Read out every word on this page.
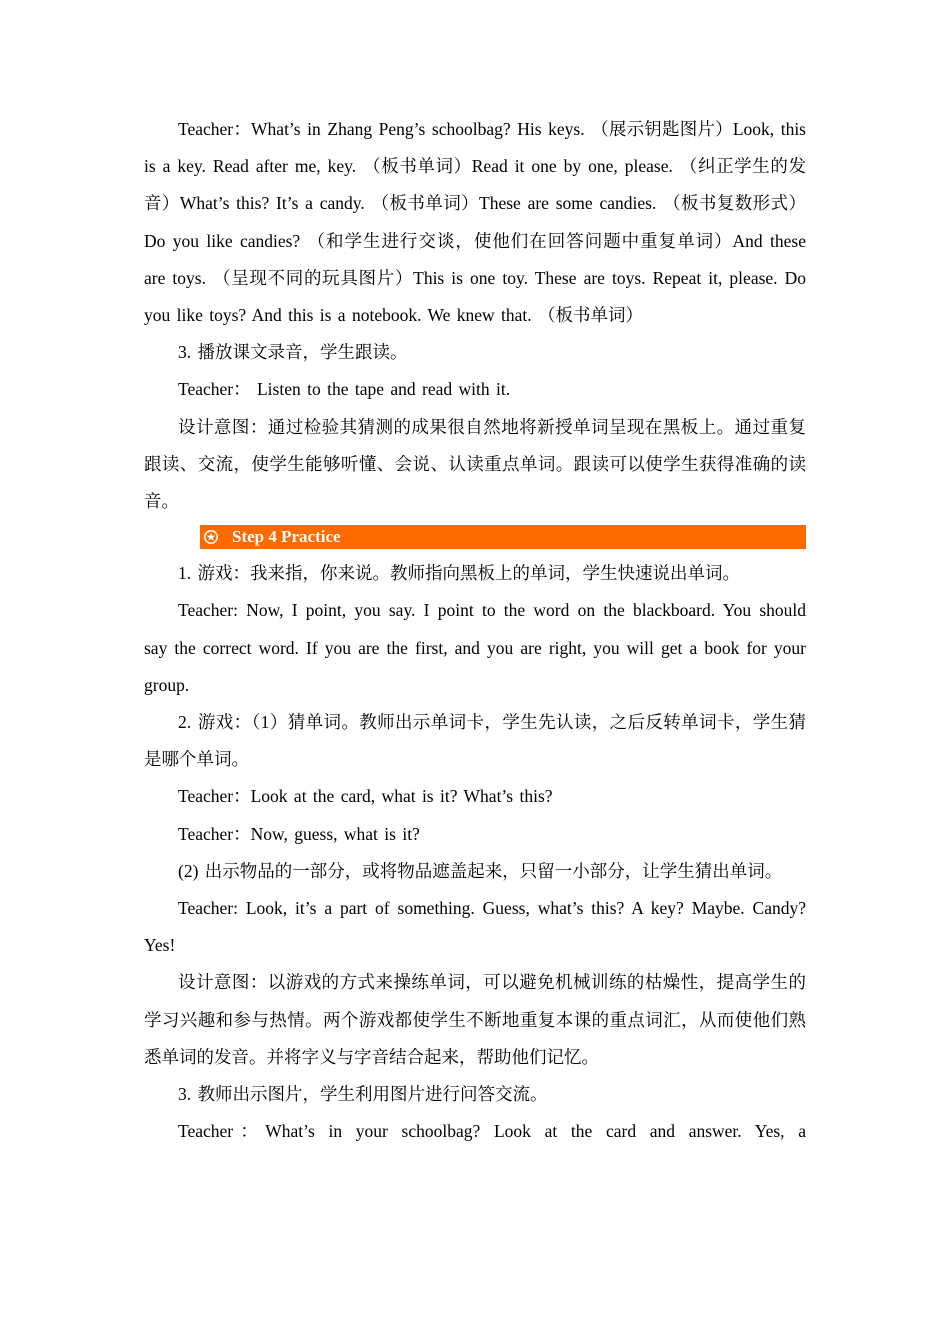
Teacher：What’s in Zhang Peng’s schoolbag? His keys. （展示钥匙图片）Look, this is a key. Read after me, key. （板书单词）Read it one by one, please. （纠正学生的发音）What’s this? It’s a candy. （板书单词）These are some candies. （板书复数形式）Do you like candies? （和学生进行交谈，使他们在回答问题中重复单词）And these are toys. （呈现不同的玩具图片）This is one toy. These are toys. Repeat it, please. Do you like toys? And this is a notebook. We knew that. （板书单词）

3. 播放课文录音，学生跟读。

Teacher： Listen to the tape and read with it.

设计意图：通过检验其猜测的成果很自然地将新授单词呈现在黑板上。通过重复跟读、交流，使学生能够听懂、会说、认读重点单词。跟读可以使学生获得准确的读音。

Step 4 Practice

1. 游戏：我来指，你来说。教师指向黑板上的单词，学生快速说出单词。

Teacher: Now, I point, you say. I point to the word on the blackboard. You should say the correct word. If you are the first, and you are right, you will get a book for your group.

2. 游戏：（1）猜单词。教师出示单词卡，学生先认读，之后反转单词卡，学生猜是哪个单词。

Teacher：Look at the card, what is it? What’s this?

Teacher：Now, guess, what is it?

(2) 出示物品的一部分，或将物品遮盖起来，只留一小部分，让学生猜出单词。

Teacher: Look, it’s a part of something. Guess, what’s this? A key? Maybe. Candy? Yes!

设计意图：以游戏的方式来操练单词，可以避免机械训练的枯燥性，提高学生的学习兴趣和参与热情。两个游戏都使学生不断地重复本课的重点词汇，从而使他们熟悉单词的发音。并将字义与字音结合起来，帮助他们记忆。

3. 教师出示图片，学生利用图片进行问答交流。

Teacher：What’s in your schoolbag? Look at the card and answer. Yes, a
